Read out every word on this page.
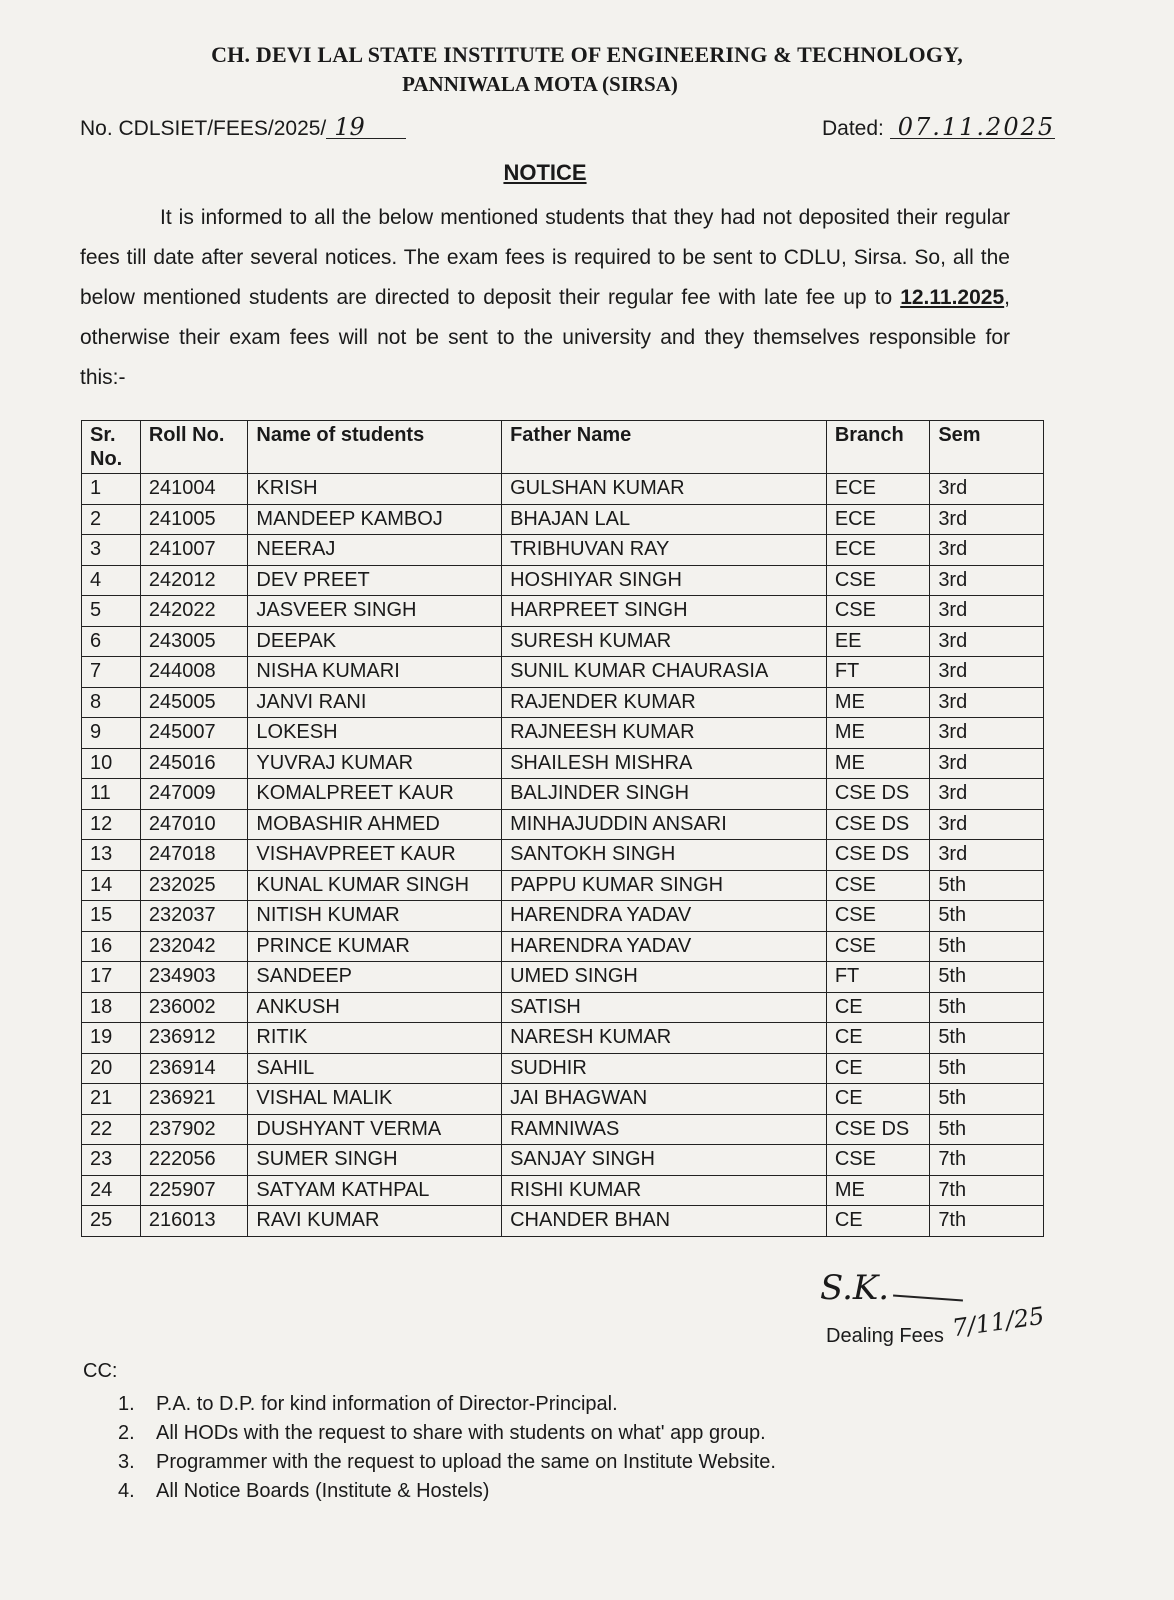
CH. DEVI LAL STATE INSTITUTE OF ENGINEERING & TECHNOLOGY,
PANNIWALA MOTA (SIRSA)
No. CDLSIET/FEES/2025/ 19	Dated: 07.11.2025
NOTICE
It is informed to all the below mentioned students that they had not deposited their regular fees till date after several notices. The exam fees is required to be sent to CDLU, Sirsa. So, all the below mentioned students are directed to deposit their regular fee with late fee up to 12.11.2025, otherwise their exam fees will not be sent to the university and they themselves responsible for this:-
Sr. No.	Roll No.	Name of students	Father Name	Branch	Sem
1	241004	KRISH	GULSHAN KUMAR	ECE	3rd
2	241005	MANDEEP KAMBOJ	BHAJAN LAL	ECE	3rd
3	241007	NEERAJ	TRIBHUVAN RAY	ECE	3rd
4	242012	DEV PREET	HOSHIYAR SINGH	CSE	3rd
5	242022	JASVEER SINGH	HARPREET SINGH	CSE	3rd
6	243005	DEEPAK	SURESH KUMAR	EE	3rd
7	244008	NISHA KUMARI	SUNIL KUMAR CHAURASIA	FT	3rd
8	245005	JANVI RANI	RAJENDER KUMAR	ME	3rd
9	245007	LOKESH	RAJNEESH KUMAR	ME	3rd
10	245016	YUVRAJ KUMAR	SHAILESH MISHRA	ME	3rd
11	247009	KOMALPREET KAUR	BALJINDER SINGH	CSE DS	3rd
12	247010	MOBASHIR AHMED	MINHAJUDDIN ANSARI	CSE DS	3rd
13	247018	VISHAVPREET KAUR	SANTOKH SINGH	CSE DS	3rd
14	232025	KUNAL KUMAR SINGH	PAPPU KUMAR SINGH	CSE	5th
15	232037	NITISH KUMAR	HARENDRA YADAV	CSE	5th
16	232042	PRINCE KUMAR	HARENDRA YADAV	CSE	5th
17	234903	SANDEEP	UMED SINGH	FT	5th
18	236002	ANKUSH	SATISH	CE	5th
19	236912	RITIK	NARESH KUMAR	CE	5th
20	236914	SAHIL	SUDHIR	CE	5th
21	236921	VISHAL MALIK	JAI BHAGWAN	CE	5th
22	237902	DUSHYANT VERMA	RAMNIWAS	CSE DS	5th
23	222056	SUMER SINGH	SANJAY SINGH	CSE	7th
24	225907	SATYAM KATHPAL	RISHI KUMAR	ME	7th
25	216013	RAVI KUMAR	CHANDER BHAN	CE	7th
S.K.
Dealing Fees 7/11/25
CC:
1. P.A. to D.P. for kind information of Director-Principal.
2. All HODs with the request to share with students on what' app group.
3. Programmer with the request to upload the same on Institute Website.
4. All Notice Boards (Institute & Hostels)
